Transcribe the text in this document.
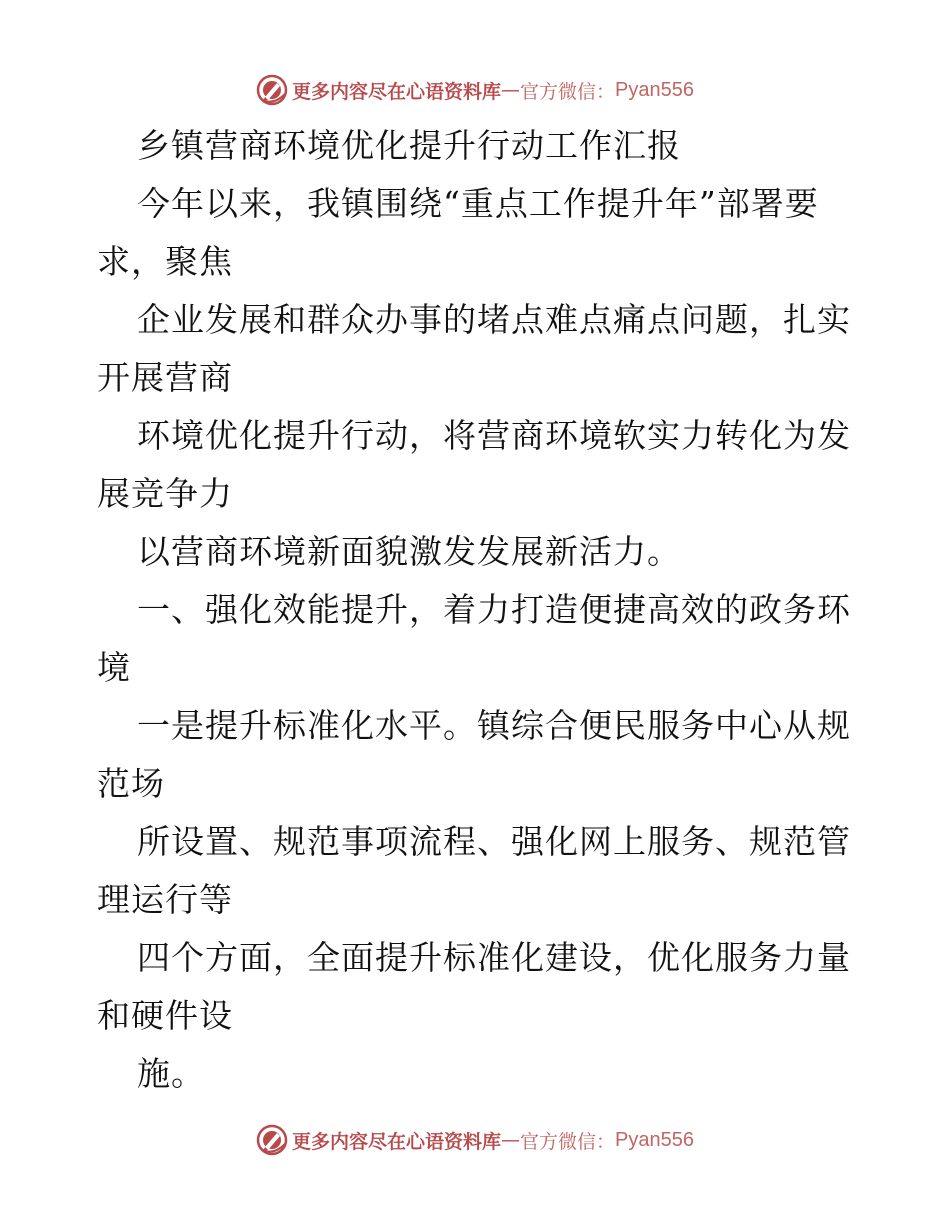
更多内容尽在心语资料库 — 官方微信： Pyan556
乡镇营商环境优化提升行动工作汇报
今年以来，我镇围绕“重点工作提升年”部署要
求，聚焦
企业发展和群众办事的堵点难点痛点问题，扎实
开展营商
环境优化提升行动，将营商环境软实力转化为发
展竞争力
以营商环境新面貌激发发展新活力。
一、强化效能提升，着力打造便捷高效的政务环
境
一是提升标准化水平。镇综合便民服务中心从规
范场
所设置、规范事项流程、强化网上服务、规范管
理运行等
四个方面，全面提升标准化建设，优化服务力量
和硬件设
施。
更多内容尽在心语资料库 — 官方微信： Pyan556
